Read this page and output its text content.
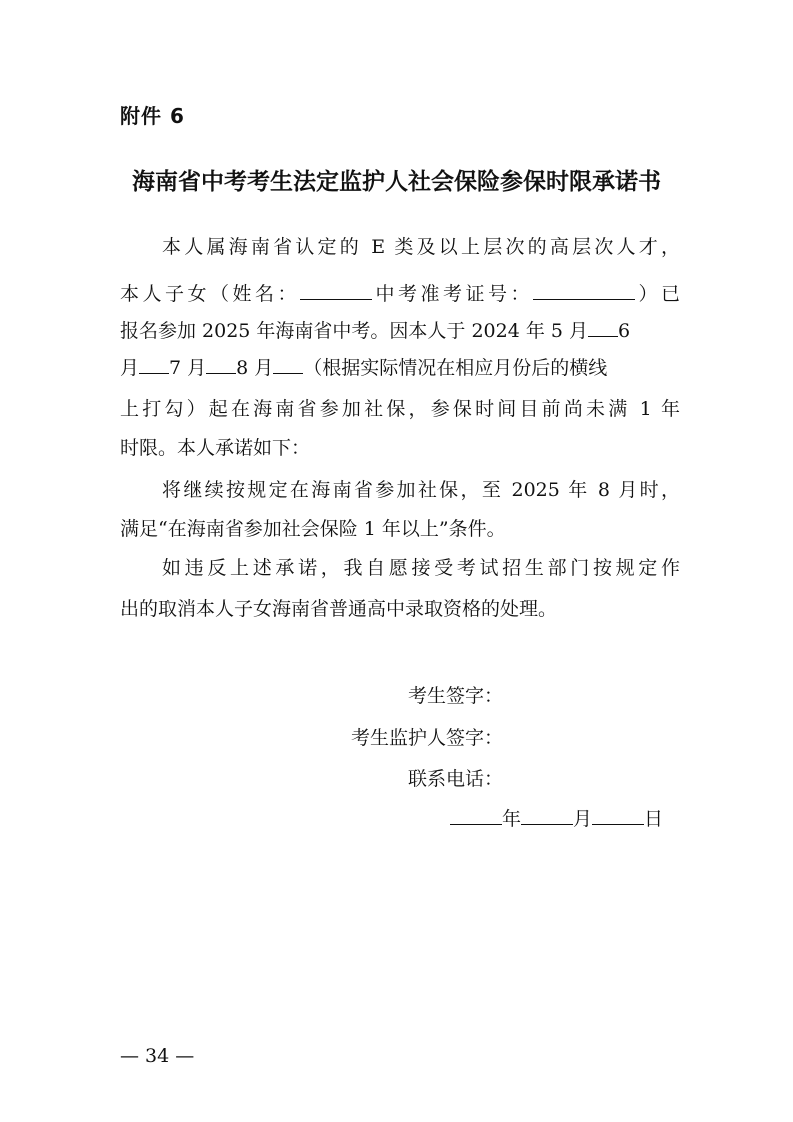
附件 6
海南省中考考生法定监护人社会保险参保时限承诺书
本人属海南省认定的 E 类及以上层次的高层次人才，
本人子女（姓名：	中考准考证号：	）已
报名参加 2025 年海南省中考。因本人于 2024 年 5 月 6
月 7 月 8 月 （根据实际情况在相应月份后的横线
上打勾）起在海南省参加社保，参保时间目前尚未满 1 年
时限。本人承诺如下：
将继续按规定在海南省参加社保，至 2025 年 8 月时，
满足“在海南省参加社会保险 1 年以上”条件。
如违反上述承诺，我自愿接受考试招生部门按规定作
出的取消本人子女海南省普通高中录取资格的处理。
考生签字：
考生监护人签字：
联系电话：
年	月	日
— 34 —
